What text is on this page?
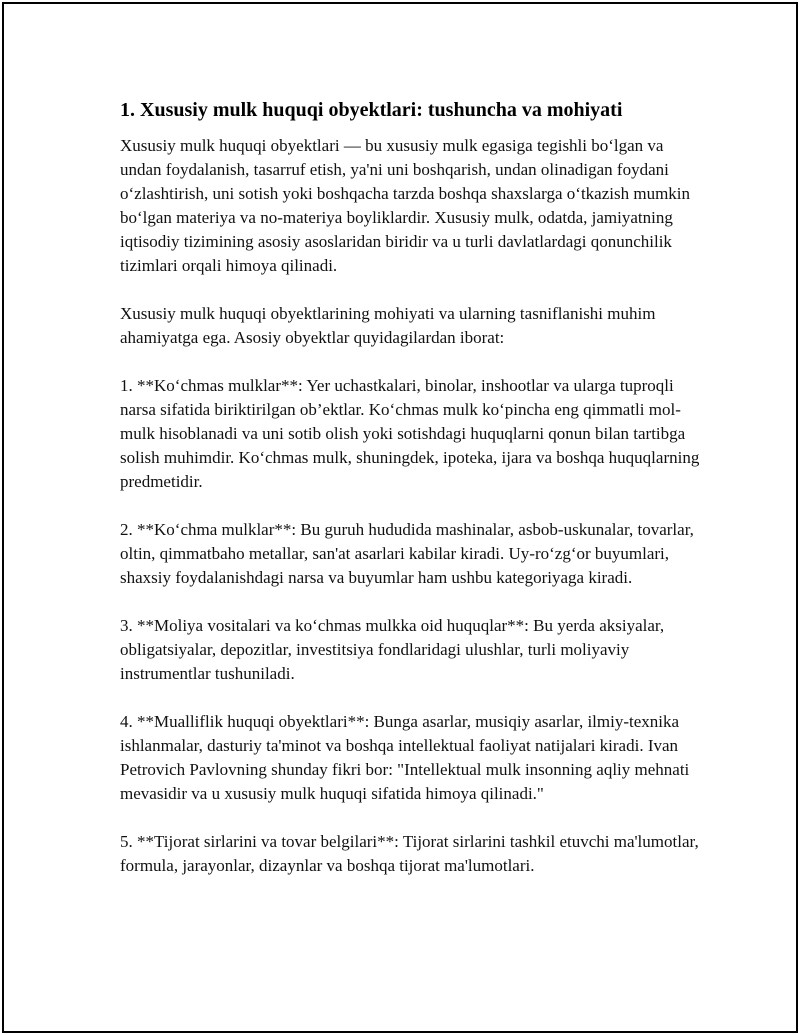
1. Xususiy mulk huquqi obyektlari: tushuncha va mohiyati

Xususiy mulk huquqi obyektlari — bu xususiy mulk egasiga tegishli bo‘lgan va undan foydalanish, tasarruf etish, ya'ni uni boshqarish, undan olinadigan foydani o‘zlashtirish, uni sotish yoki boshqacha tarzda boshqa shaxslarga o‘tkazish mumkin bo‘lgan materiya va no-materiya boyliklardir. Xususiy mulk, odatda, jamiyatning iqtisodiy tizimining asosiy asoslaridan biridir va u turli davlatlardagi qonunchilik tizimlari orqali himoya qilinadi.

Xususiy mulk huquqi obyektlarining mohiyati va ularning tasniflanishi muhim ahamiyatga ega. Asosiy obyektlar quyidagilardan iborat:

1. **Ko‘chmas mulklar**: Yer uchastkalari, binolar, inshootlar va ularga tuproqli narsa sifatida biriktirilgan ob’ektlar. Ko‘chmas mulk ko‘pincha eng qimmatli mol-mulk hisoblanadi va uni sotib olish yoki sotishdagi huquqlarni qonun bilan tartibga solish muhimdir. Ko‘chmas mulk, shuningdek, ipoteka, ijara va boshqa huquqlarning predmetidir.

2. **Ko‘chma mulklar**: Bu guruh hududida mashinalar, asbob-uskunalar, tovarlar, oltin, qimmatbaho metallar, san'at asarlari kabilar kiradi. Uy-ro‘zg‘or buyumlari, shaxsiy foydalanishdagi narsa va buyumlar ham ushbu kategoriyaga kiradi.

3. **Moliya vositalari va ko‘chmas mulkka oid huquqlar**: Bu yerda aksiyalar, obligatsiyalar, depozitlar, investitsiya fondlaridagi ulushlar, turli moliyaviy instrumentlar tushuniladi.

4. **Mualliflik huquqi obyektlari**: Bunga asarlar, musiqiy asarlar, ilmiy-texnika ishlanmalar, dasturiy ta'minot va boshqa intellektual faoliyat natijalari kiradi. Ivan Petrovich Pavlovning shunday fikri bor: "Intellektual mulk insonning aqliy mehnati mevasidir va u xususiy mulk huquqi sifatida himoya qilinadi."

5. **Tijorat sirlarini va tovar belgilari**: Tijorat sirlarini tashkil etuvchi ma'lumotlar, formula, jarayonlar, dizaynlar va boshqa tijorat ma'lumotlari.
